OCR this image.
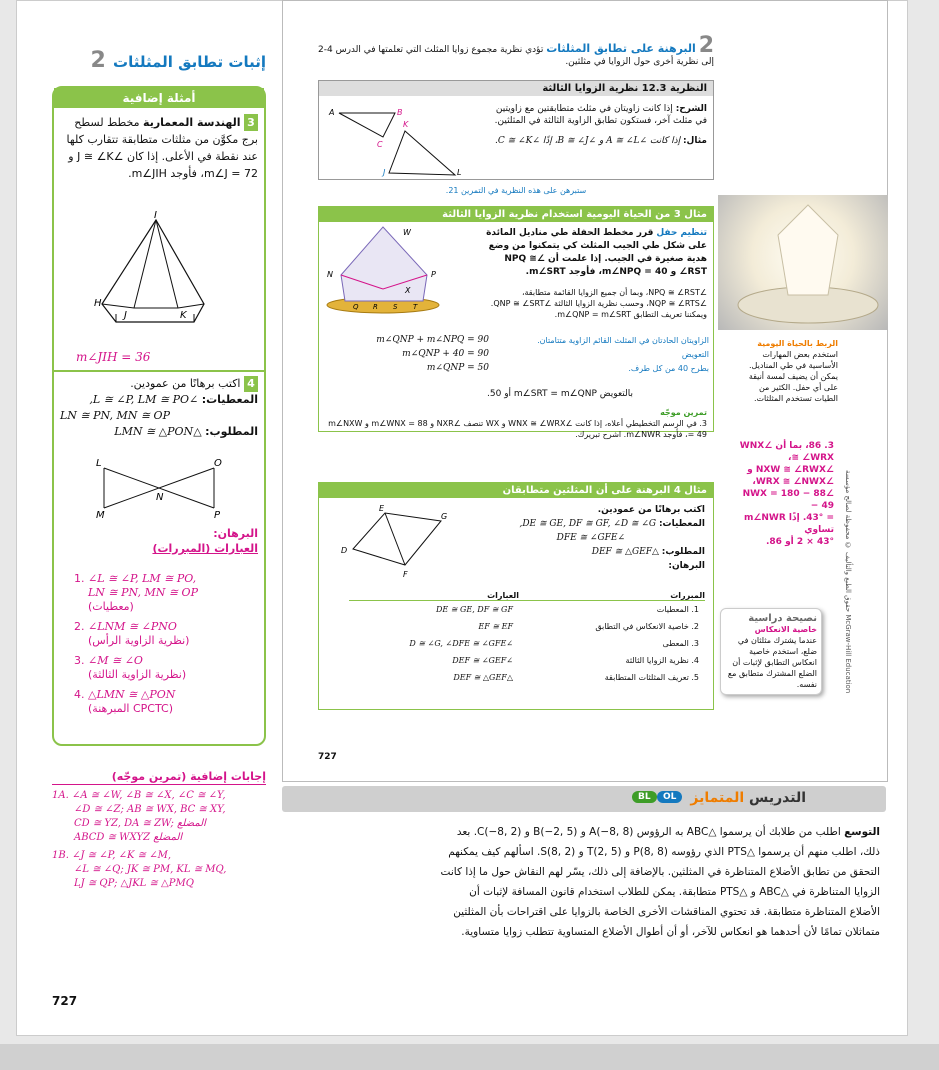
إثبات تطابق المثلثات 2
أمثلة إضافية
3 الهندسة المعمارية مخطط لسطح برج مكوَّن من مثلثات متطابقة تتقارب كلها عند نقطة في الأعلى. إذا كان ∠J ≅ ∠K و m∠J = 72، فأوجد m∠JIH.
I
H
J	K
m∠JIH = 36
4 اكتب برهانًا من عمودين.
المعطيات: ∠L ≅ ∠P, LM ≅ PO,
LN ≅ PN, MN ≅ OP
المطلوب: △LMN ≅ △PON
L	O
N
M	P
البرهان:
العبارات (المبررات)
1. ∠L ≅ ∠P, LM ≅ PO,
LN ≅ PN, MN ≅ OP
(معطيات)
2. ∠LNM ≅ ∠PNO
(نظرية الزاوية الرأس)
3. ∠M ≅ ∠O
(نظرية الزاوية الثالثة)
4. △LMN ≅ △PON
(المبرهنة CPCTC)
إجابات إضافية (تمرين موجّه)
1A. ∠A ≅ ∠W, ∠B ≅ ∠X, ∠C ≅ ∠Y,
∠D ≅ ∠Z; AB ≅ WX, BC ≅ XY,
CD ≅ YZ, DA ≅ ZW; المضلع
ABCD ≅ WXYZ المضلع
1B. ∠J ≅ ∠P, ∠K ≅ ∠M,
∠L ≅ ∠Q; JK ≅ PM, KL ≅ MQ,
LJ ≅ QP; △JKL ≅ △PMQ
727
2 البرهنة على تطابق المثلثات تؤدي نظرية مجموع زوايا المثلث التي تعلمتها في الدرس 4-2 إلى نظرية أخرى حول الزوايا في مثلثين.
النظرية 12.3 نظرية الزوايا الثالثة
الشرح: إذا كانت زاويتان في مثلث متطابقتين مع زاويتين في مثلث آخر، فستكون تطابق الزاوية الثالثة في المثلثين.
مثال: إذا كانت ∠A ≅ ∠L و ∠B ≅ ∠J، إذًا ∠C ≅ ∠K.
A	B
C
K
L
J
ستبرهن على هذه النظرية في التمرين 21.
مثال 3 من الحياة اليومية استخدام نظرية الزوايا الثالثة
تنظيم حفل قرر مخطط الحفلة طي مناديل المائدة على شكل طي الجيب المثلث كي يتمكنوا من وضع هدية صغيرة في الجيب. إذا علمت أن ∠NPQ ≅ ∠RST و m∠NPQ = 40، فأوجد m∠SRT.
W
N	P
X
Q R S T
∠NPQ ≅ ∠RST، وبما أن جميع الزوايا القائمة متطابقة،
∠NQP ≅ ∠RTS، وحسب نظرية الزوايا الثالثة ∠QNP ≅ ∠SRT.
ويمكننا تعريف التطابق m∠QNP = m∠SRT.
m∠QNP + m∠NPQ = 90	الزاويتان الحادتان في المثلث القائم الزاوية متتامتان.
m∠QNP + 40 = 90	التعويض
m∠QNP = 50	بطرح 40 من كل طرف.
بالتعويض m∠SRT = m∠QNP أو 50.
تمرين موجّه
3. في الرسم التخطيطي أعلاه، إذا كانت ∠WNX ≅ ∠WRX و WX تنصف ∠NXR و m∠WNX = 88 و m∠NXW = 49، فأوجد m∠NWR. اشرح تبريرك.
مثال 4 البرهنة على أن المثلثين متطابقان
اكتب برهانًا من عمودين.
المعطيات: DE ≅ GE, DF ≅ GF, ∠D ≅ ∠G,
∠DFE ≅ ∠GFE
المطلوب: △DEF ≅ △GEF
البرهان:
E
D
G
F
العبارات	المبررات
DE ≅ GE, DF ≅ GF	1. المعطيات
EF ≅ EF	2. خاصية الانعكاس في التطابق
∠D ≅ ∠G, ∠DFE ≅ ∠GFE	3. المعطى
∠DEF ≅ ∠GEF	4. نظرية الزوايا الثالثة
△DEF ≅ △GEF	5. تعريف المثلثات المتطابقة
727
الربط بالحياة اليومية
استخدم بعض المهارات الأساسية في طي المناديل. يمكن أن يضيف لمسة أنيقة على أي حفل. الكثير من الطيات تستخدم المثلثات.
3. 86، بما أن ∠WNX ≅ ∠WRX،
∠NXW ≅ ∠RWX و ∠WRX ≅ ∠NWX،
∠NWX = 180 − 88 − 49
= 43°. إذًا m∠NWR تساوي
43° × 2 أو 86.
نصيحة دراسية
خاصية الانعكاس
عندما يشترك مثلثان في ضلع، استخدم خاصية انعكاس التطابق لإثبات أن الضلع المشترك متطابق مع نفسه.
حقوق الطبع والتأليف © محفوظة لصالح مؤسسة McGraw-Hill Education
التدريس المتمايز
OL
BL
التوسع اطلب من طلابك أن يرسموا △ABC به الرؤوس A(−8, 8) و B(−2, 5) و C(−8, 2). بعد
ذلك، اطلب منهم أن يرسموا △PTS الذي رؤوسه P(8, 8) و T(2, 5) و S(8, 2). اسألهم كيف يمكنهم
التحقق من تطابق الأضلاع المتناظرة في المثلثين. بالإضافة إلى ذلك، يسّر لهم النقاش حول ما إذا كانت
الزوايا المتناظرة في △ABC و △PTS متطابقة. يمكن للطلاب استخدام قانون المسافة لإثبات أن
الأضلاع المتناظرة متطابقة. قد تحتوي المناقشات الأخرى الخاصة بالزوايا على اقتراحات بأن المثلثين
متماثلان تمامًا لأن أحدهما هو انعكاس للآخر، أو أن أطوال الأضلاع المتساوية تتطلب زوايا متساوية.
